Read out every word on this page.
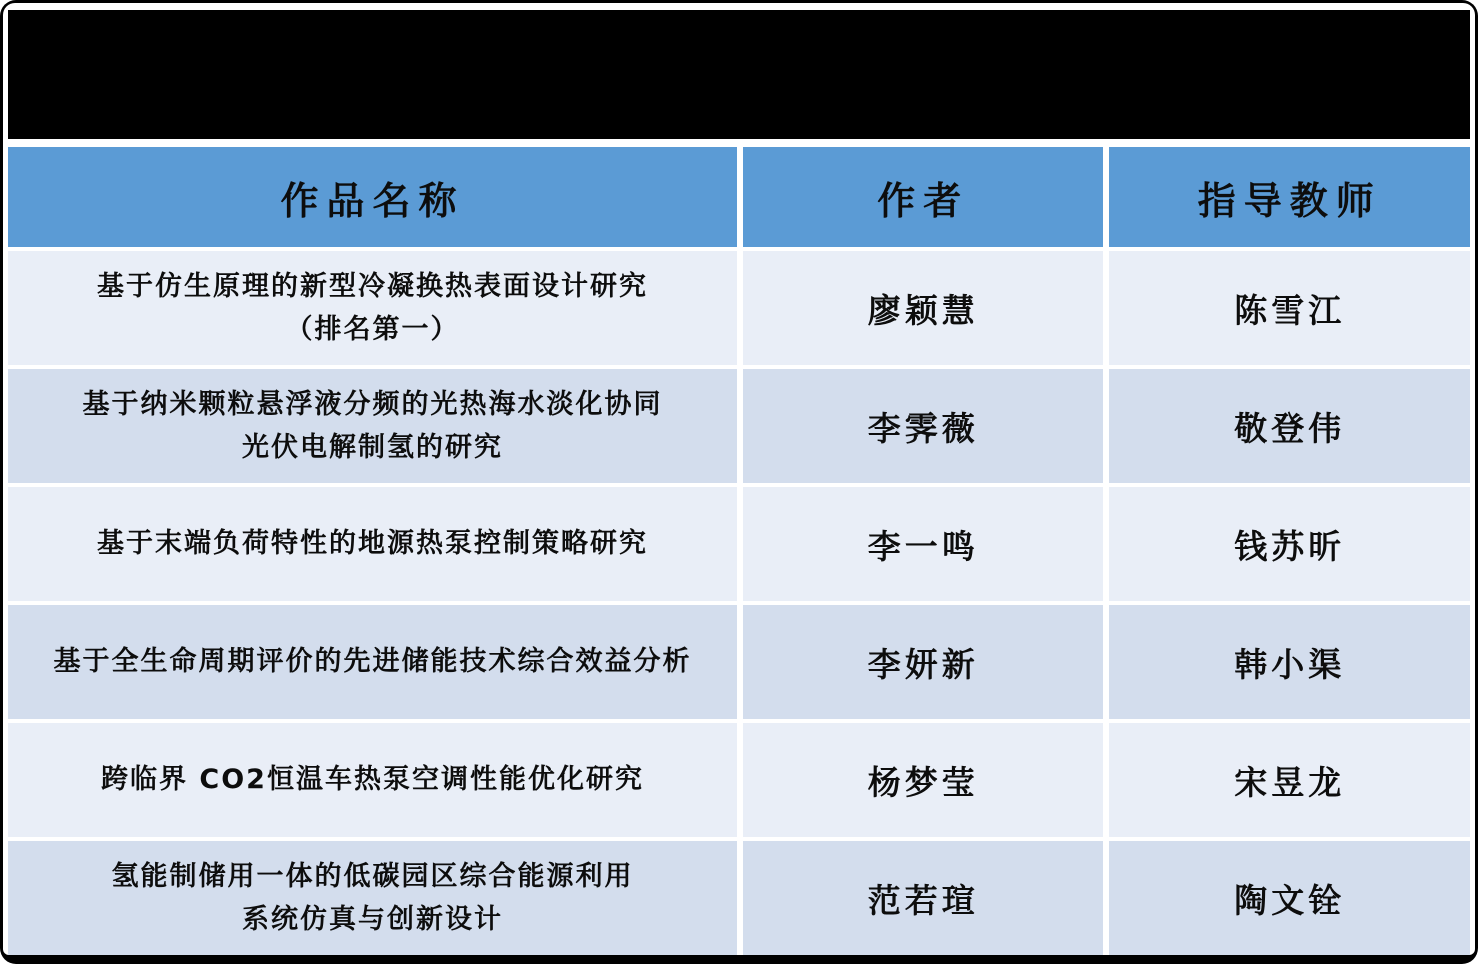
作品名称	作者	指导教师
基于仿生原理的新型冷凝换热表面设计研究
（排名第一）	廖颖慧	陈雪江
基于纳米颗粒悬浮液分频的光热海水淡化协同
光伏电解制氢的研究	李霁薇	敬登伟
基于末端负荷特性的地源热泵控制策略研究	李一鸣	钱苏昕
基于全生命周期评价的先进储能技术综合效益分析	李妍新	韩小渠
跨临界 CO2恒温车热泵空调性能优化研究	杨梦莹	宋昱龙
氢能制储用一体的低碳园区综合能源利用
系统仿真与创新设计	范若瑄	陶文铨
